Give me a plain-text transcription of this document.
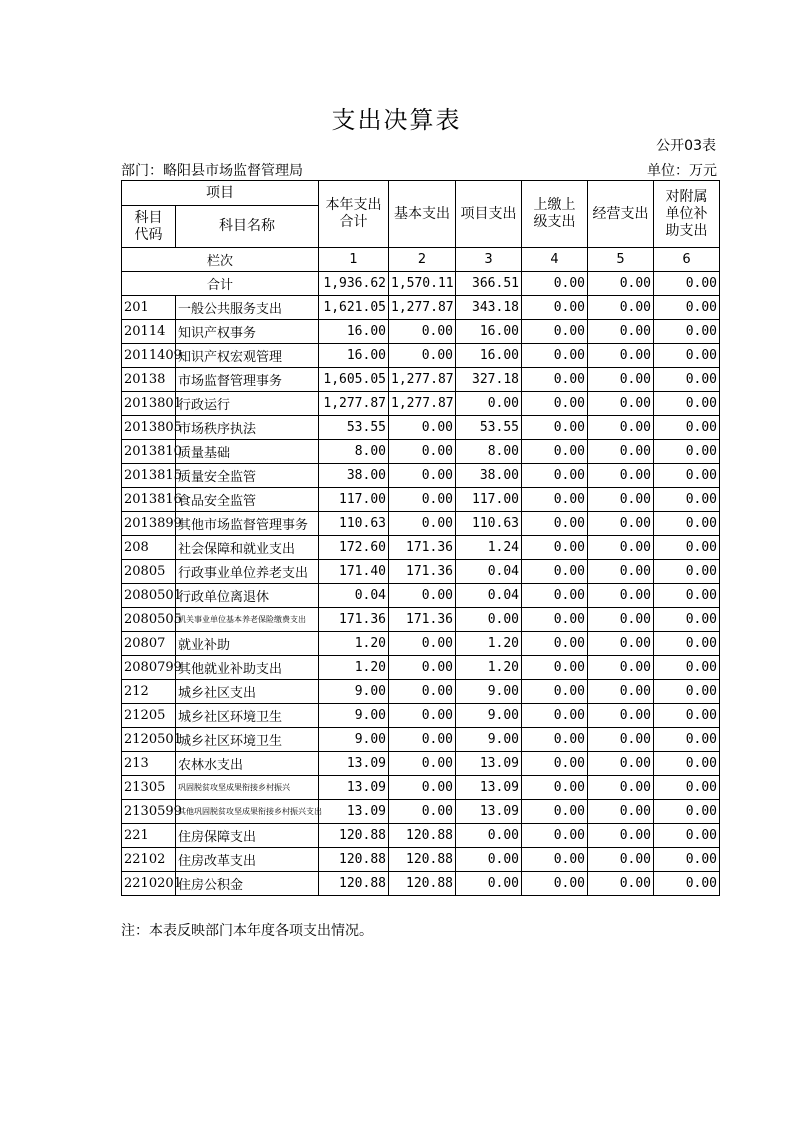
支出决算表
公开03表
部门：略阳县市场监督管理局	单位：万元
项目		本年支出合计	基本支出	项目支出	上缴上级支出	经营支出	对附属单位补助支出
科目代码	科目名称						
栏次		1	2	3	4	5	6
合计		1,936.62	1,570.11	366.51	0.00	0.00	0.00
201	一般公共服务支出	1,621.05	1,277.87	343.18	0.00	0.00	0.00
20114	知识产权事务	16.00	0.00	16.00	0.00	0.00	0.00
2011409	知识产权宏观管理	16.00	0.00	16.00	0.00	0.00	0.00
20138	市场监督管理事务	1,605.05	1,277.87	327.18	0.00	0.00	0.00
2013801	行政运行	1,277.87	1,277.87	0.00	0.00	0.00	0.00
2013805	市场秩序执法	53.55	0.00	53.55	0.00	0.00	0.00
2013810	质量基础	8.00	0.00	8.00	0.00	0.00	0.00
2013815	质量安全监管	38.00	0.00	38.00	0.00	0.00	0.00
2013816	食品安全监管	117.00	0.00	117.00	0.00	0.00	0.00
2013899	其他市场监督管理事务	110.63	0.00	110.63	0.00	0.00	0.00
208	社会保障和就业支出	172.60	171.36	1.24	0.00	0.00	0.00
20805	行政事业单位养老支出	171.40	171.36	0.04	0.00	0.00	0.00
2080501	行政单位离退休	0.04	0.00	0.04	0.00	0.00	0.00
2080505	机关事业单位基本养老保险缴费支出	171.36	171.36	0.00	0.00	0.00	0.00
20807	就业补助	1.20	0.00	1.20	0.00	0.00	0.00
2080799	其他就业补助支出	1.20	0.00	1.20	0.00	0.00	0.00
212	城乡社区支出	9.00	0.00	9.00	0.00	0.00	0.00
21205	城乡社区环境卫生	9.00	0.00	9.00	0.00	0.00	0.00
2120501	城乡社区环境卫生	9.00	0.00	9.00	0.00	0.00	0.00
213	农林水支出	13.09	0.00	13.09	0.00	0.00	0.00
21305	巩固脱贫攻坚成果衔接乡村振兴	13.09	0.00	13.09	0.00	0.00	0.00
2130599	其他巩固脱贫攻坚成果衔接乡村振兴支出	13.09	0.00	13.09	0.00	0.00	0.00
221	住房保障支出	120.88	120.88	0.00	0.00	0.00	0.00
22102	住房改革支出	120.88	120.88	0.00	0.00	0.00	0.00
2210201	住房公积金	120.88	120.88	0.00	0.00	0.00	0.00
注：本表反映部门本年度各项支出情况。
